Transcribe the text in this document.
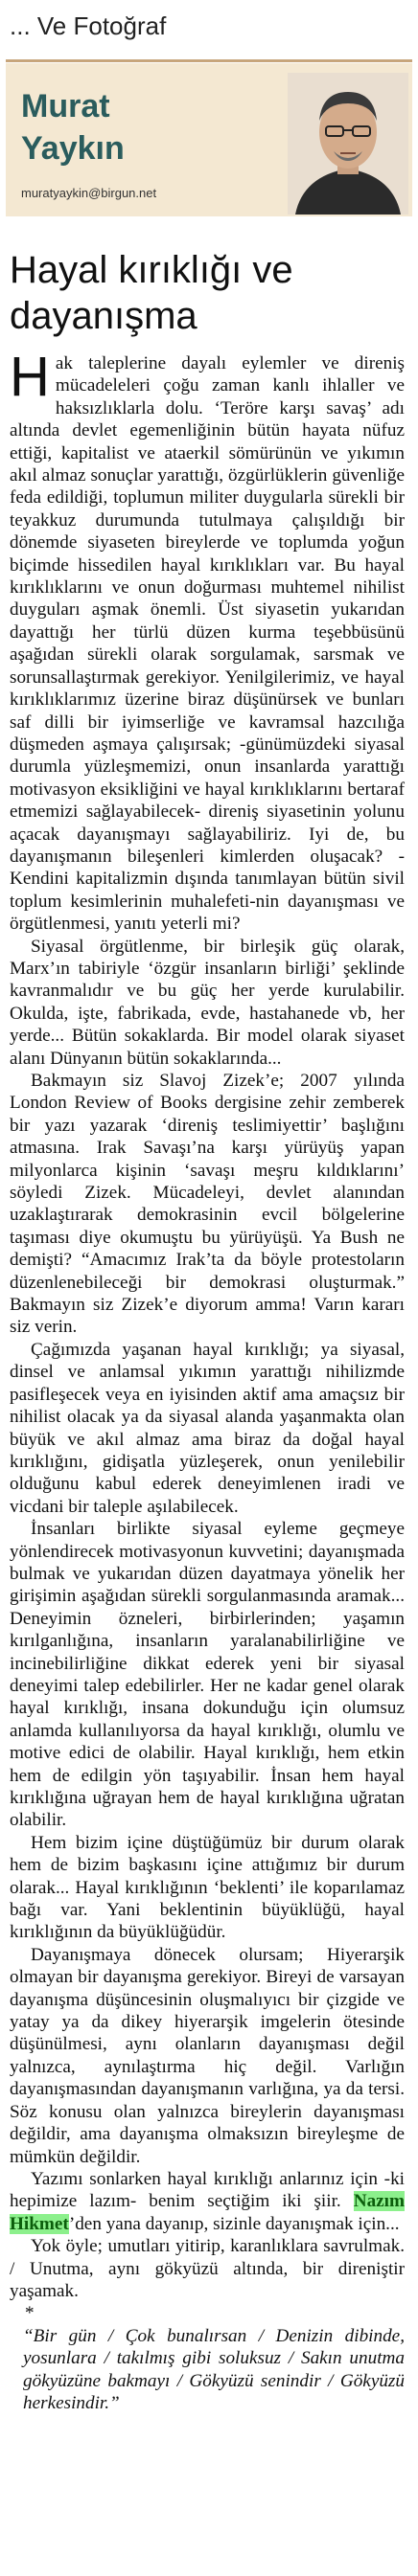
... Ve Fotoğraf
Murat
Yaykın
muratyaykin@birgun.net
Hayal kırıklığı ve
dayanışma

Hak taleplerine dayalı eylemler ve direniş mücadeleleri çoğu zaman kanlı ihlaller ve haksızlıklarla dolu. ‘Teröre karşı savaş’ adı altında devlet egemenliğinin bütün hayata nüfuz ettiği, kapitalist ve ataerkil sömürünün ve yıkımın akıl almaz sonuçlar yarattığı, özgürlüklerin güvenliğe feda edildiği, toplumun militer duygularla sürekli bir teyakkuz durumunda tutulmaya çalışıldığı bir dönemde siyaseten bireylerde ve toplumda yoğun biçimde hissedilen hayal kırıklıkları var. Bu hayal kırıklıklarını ve onun doğurması muhtemel nihilist duyguları aşmak önemli. Üst siyasetin yukarıdan dayattığı her türlü düzen kurma teşebbüsünü aşağıdan sürekli olarak sorgulamak, sarsmak ve sorunsallaştırmak gerekiyor. Yenilgilerimiz, ve hayal kırıklıklarımız üzerine biraz düşünürsek ve bunları saf dilli bir iyimserliğe ve kavramsal hazcılığa düşmeden aşmaya çalışırsak; -günümüzdeki siyasal durumla yüzleşmemizi, onun insanlarda yarattığı motivasyon eksikliğini ve hayal kırıklıklarını bertaraf etmemizi sağlayabilecek- direniş siyasetinin yolunu açacak dayanışmayı sağlayabiliriz. Iyi de, bu dayanışmanın bileşenleri kimlerden oluşacak? -Kendini kapitalizmin dışında tanımlayan bütün sivil toplum kesimlerinin muhalefeti-nin dayanışması ve örgütlenmesi, yanıtı yeterli mi?

Siyasal örgütlenme, bir birleşik güç olarak, Marx’ın tabiriyle ‘özgür insanların birliği’ şeklinde kavranmalıdır ve bu güç her yerde kurulabilir. Okulda, işte, fabrikada, evde, hastahanede vb, her yerde... Bütün sokaklarda. Bir model olarak siyaset alanı Dünyanın bütün sokaklarında...

Bakmayın siz Slavoj Zizek’e; 2007 yılında London Review of Books dergisine zehir zemberek bir yazı yazarak ‘direniş teslimiyettir’ başlığını atmasına. Irak Savaşı’na karşı yürüyüş yapan milyonlarca kişinin ‘savaşı meşru kıldıklarını’ söyledi Zizek. Mücadeleyi, devlet alanından uzaklaştırarak demokrasinin evcil bölgelerine taşıması diye okumuştu bu yürüyüşü. Ya Bush ne demişti? “Amacımız Irak’ta da böyle protestoların düzenlenebileceği bir demokrasi oluşturmak.” Bakmayın siz Zizek’e diyorum amma! Varın kararı siz verin.

Çağımızda yaşanan hayal kırıklığı; ya siyasal, dinsel ve anlamsal yıkımın yarattığı nihilizmde pasifleşecek veya en iyisinden aktif ama amaçsız bir nihilist olacak ya da siyasal alanda yaşanmakta olan büyük ve akıl almaz ama biraz da doğal hayal kırıklığını, gidişatla yüzleşerek, onun yenilebilir olduğunu kabul ederek deneyimlenen iradi ve vicdani bir taleple aşılabilecek.

İnsanları birlikte siyasal eyleme geçmeye yönlendirecek motivasyonun kuvvetini; dayanışmada bulmak ve yukarıdan düzen dayatmaya yönelik her girişimin aşağıdan sürekli sorgulanmasında aramak... Deneyimin özneleri, birbirlerinden; yaşamın kırılganlığına, insanların yaralanabilirliğine ve incinebilirliğine dikkat ederek yeni bir siyasal deneyimi talep edebilirler. Her ne kadar genel olarak hayal kırıklığı, insana dokunduğu için olumsuz anlamda kullanılıyorsa da hayal kırıklığı, olumlu ve motive edici de olabilir. Hayal kırıklığı, hem etkin hem de edilgin yön taşıyabilir. İnsan hem hayal kırıklığına uğrayan hem de hayal kırıklığına uğratan olabilir.

Hem bizim içine düştüğümüz bir durum olarak hem de bizim başkasını içine attığımız bir durum olarak... Hayal kırıklığının ‘beklenti’ ile koparılamaz bağı var. Yani beklentinin büyüklüğü, hayal kırıklığının da büyüklüğüdür.

Dayanışmaya dönecek olursam; Hiyerarşik olmayan bir dayanışma gerekiyor. Bireyi de varsayan dayanışma düşüncesinin oluşmalıyıcı bir çizgide ve yatay ya da dikey hiyerarşik imgelerin ötesinde düşünülmesi, aynı olanların dayanışması değil yalnızca, aynılaştırma hiç değil. Varlığın dayanışmasından dayanışmanın varlığına, ya da tersi. Söz konusu olan yalnızca bireylerin dayanışması değildir, ama dayanışma olmaksızın bireyleşme de mümkün değildir.

Yazımı sonlarken hayal kırıklığı anlarınız için -ki hepimize lazım- benim seçtiğim iki şiir. Nazım Hikmet’den yana dayanıp, sizinle dayanışmak için...

Yok öyle; umutları yitirip, karanlıklara savrulmak. / Unutma, aynı gökyüzü altında, bir direniştir yaşamak.

*

“Bir gün / Çok bunalırsan / Denizin dibinde, yosunlara / takılmış gibi soluksuz / Sakın unutma gökyüzüne bakmayı / Gökyüzü senindir / Gökyüzü herkesindir.”
